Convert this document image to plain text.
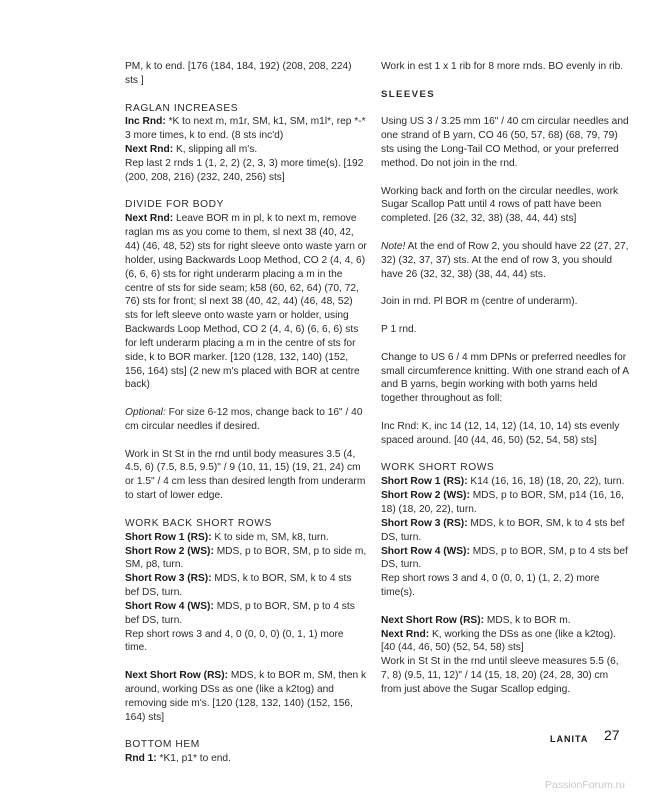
PM, k to end. [176 (184, 184, 192) (208, 208, 224) sts ]
RAGLAN INCREASES
Inc Rnd: *K to next m, m1r, SM, k1, SM, m1l*, rep *-* 3 more times, k to end. (8 sts inc'd)
Next Rnd: K, slipping all m's.
Rep last 2 rnds 1 (1, 2, 2) (2, 3, 3) more time(s). [192 (200, 208, 216) (232, 240, 256) sts]
DIVIDE FOR BODY
Next Rnd: Leave BOR m in pl, k to next m, remove raglan ms as you come to them, sl next 38 (40, 42, 44) (46, 48, 52) sts for right sleeve onto waste yarn or holder, using Backwards Loop Method, CO 2 (4, 4, 6) (6, 6, 6) sts for right underarm placing a m in the centre of sts for side seam; k58 (60, 62, 64) (70, 72, 76) sts for front; sl next 38 (40, 42, 44) (46, 48, 52) sts for left sleeve onto waste yarn or holder, using Backwards Loop Method, CO 2 (4, 4, 6) (6, 6, 6) sts for left underarm placing a m in the centre of sts for side, k to BOR marker. [120 (128, 132, 140) (152, 156, 164) sts] (2 new m's placed with BOR at centre back)
Optional: For size 6-12 mos, change back to 16" / 40 cm circular needles if desired.
Work in St St in the rnd until body measures 3.5 (4, 4.5, 6) (7.5, 8.5, 9.5)" / 9 (10, 11, 15) (19, 21, 24) cm or 1.5" / 4 cm less than desired length from underarm to start of lower edge.
WORK BACK SHORT ROWS
Short Row 1 (RS): K to side m, SM, k8, turn.
Short Row 2 (WS): MDS, p to BOR, SM, p to side m, SM, p8, turn.
Short Row 3 (RS): MDS, k to BOR, SM, k to 4 sts bef DS, turn.
Short Row 4 (WS): MDS, p to BOR, SM, p to 4 sts bef DS, turn.
Rep short rows 3 and 4, 0 (0, 0, 0) (0, 1, 1) more time.
Next Short Row (RS): MDS, k to BOR m, SM, then k around, working DSs as one (like a k2tog) and removing side m's. [120 (128, 132, 140) (152, 156, 164) sts]
BOTTOM HEM
Rnd 1: *K1, p1* to end.
Work in est 1 x 1 rib for 8 more rnds. BO evenly in rib.
SLEEVES
Using US 3 / 3.25 mm 16" / 40 cm circular needles and one strand of B yarn, CO 46 (50, 57, 68) (68, 79, 79) sts using the Long-Tail CO Method, or your preferred method. Do not join in the rnd.
Working back and forth on the circular needles, work Sugar Scallop Patt until 4 rows of patt have been completed. [26 (32, 32, 38) (38, 44, 44) sts]
Note! At the end of Row 2, you should have 22 (27, 27, 32) (32, 37, 37) sts. At the end of row 3, you should have 26 (32, 32, 38) (38, 44, 44) sts.
Join in rnd. Pl BOR m (centre of underarm).
P 1 rnd.
Change to US 6 / 4 mm DPNs or preferred needles for small circumference knitting. With one strand each of A and B yarns, begin working with both yarns held together throughout as foll:
Inc Rnd: K, inc 14 (12, 14, 12) (14, 10, 14) sts evenly spaced around. [40 (44, 46, 50) (52, 54, 58) sts]
WORK SHORT ROWS
Short Row 1 (RS): K14 (16, 16, 18) (18, 20, 22), turn.
Short Row 2 (WS): MDS, p to BOR, SM, p14 (16, 16, 18) (18, 20, 22), turn.
Short Row 3 (RS): MDS, k to BOR, SM, k to 4 sts bef DS, turn.
Short Row 4 (WS): MDS, p to BOR, SM, p to 4 sts bef DS, turn.
Rep short rows 3 and 4, 0 (0, 0, 1) (1, 2, 2) more time(s).
Next Short Row (RS): MDS, k to BOR m.
Next Rnd: K, working the DSs as one (like a k2tog).
[40 (44, 46, 50) (52, 54, 58) sts]
Work in St St in the rnd until sleeve measures 5.5 (6, 7, 8) (9.5, 11, 12)" / 14 (15, 18, 20) (24, 28, 30) cm from just above the Sugar Scallop edging.
LANITA 27
PassionForum.ru
